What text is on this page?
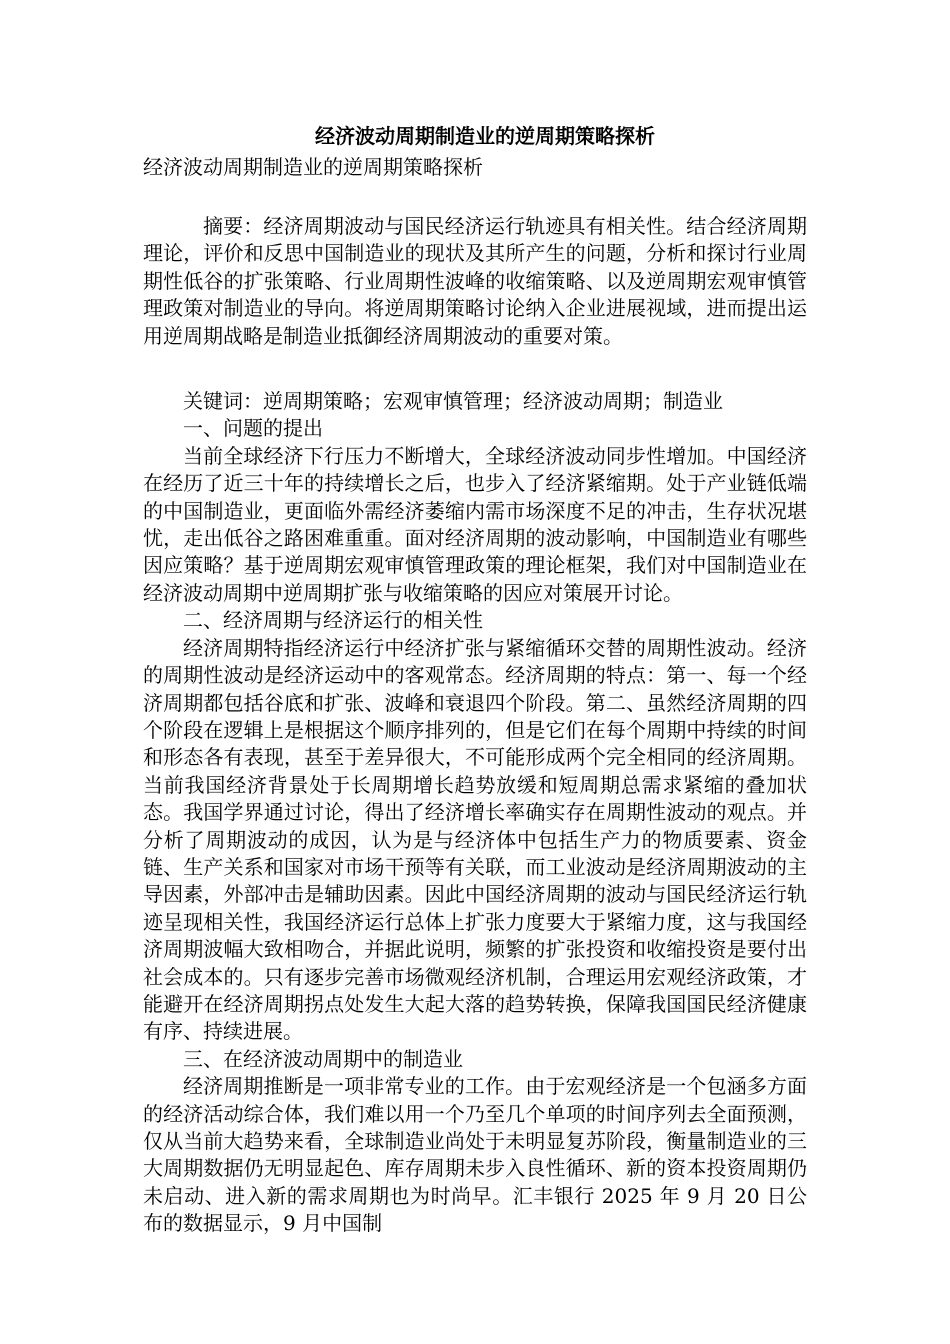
经济波动周期制造业的逆周期策略探析

经济波动周期制造业的逆周期策略探析

摘要：经济周期波动与国民经济运行轨迹具有相关性。结合经济周期理论，评价和反思中国制造业的现状及其所产生的问题，分析和探讨行业周期性低谷的扩张策略、行业周期性波峰的收缩策略、以及逆周期宏观审慎管理政策对制造业的导向。将逆周期策略讨论纳入企业进展视域，进而提出运用逆周期战略是制造业抵御经济周期波动的重要对策。

关键词：逆周期策略；宏观审慎管理；经济波动周期；制造业

一、问题的提出

当前全球经济下行压力不断增大，全球经济波动同步性增加。中国经济在经历了近三十年的持续增长之后，也步入了经济紧缩期。处于产业链低端的中国制造业，更面临外需经济萎缩内需市场深度不足的冲击，生存状况堪忧，走出低谷之路困难重重。面对经济周期的波动影响，中国制造业有哪些因应策略？基于逆周期宏观审慎管理政策的理论框架，我们对中国制造业在经济波动周期中逆周期扩张与收缩策略的因应对策展开讨论。

二、经济周期与经济运行的相关性

经济周期特指经济运行中经济扩张与紧缩循环交替的周期性波动。经济的周期性波动是经济运动中的客观常态。经济周期的特点：第一、每一个经济周期都包括谷底和扩张、波峰和衰退四个阶段。第二、虽然经济周期的四个阶段在逻辑上是根据这个顺序排列的，但是它们在每个周期中持续的时间和形态各有表现，甚至于差异很大，不可能形成两个完全相同的经济周期。当前我国经济背景处于长周期增长趋势放缓和短周期总需求紧缩的叠加状态。我国学界通过讨论，得出了经济增长率确实存在周期性波动的观点。并分析了周期波动的成因，认为是与经济体中包括生产力的物质要素、资金链、生产关系和国家对市场干预等有关联，而工业波动是经济周期波动的主导因素，外部冲击是辅助因素。因此中国经济周期的波动与国民经济运行轨迹呈现相关性，我国经济运行总体上扩张力度要大于紧缩力度，这与我国经济周期波幅大致相吻合，并据此说明，频繁的扩张投资和收缩投资是要付出社会成本的。只有逐步完善市场微观经济机制，合理运用宏观经济政策，才能避开在经济周期拐点处发生大起大落的趋势转换，保障我国国民经济健康有序、持续进展。

三、在经济波动周期中的制造业

经济周期推断是一项非常专业的工作。由于宏观经济是一个包涵多方面的经济活动综合体，我们难以用一个乃至几个单项的时间序列去全面预测，仅从当前大趋势来看，全球制造业尚处于未明显复苏阶段，衡量制造业的三大周期数据仍无明显起色、库存周期未步入良性循环、新的资本投资周期仍未启动、进入新的需求周期也为时尚早。汇丰银行 2025 年 9 月 20 日公布的数据显示，9 月中国制
